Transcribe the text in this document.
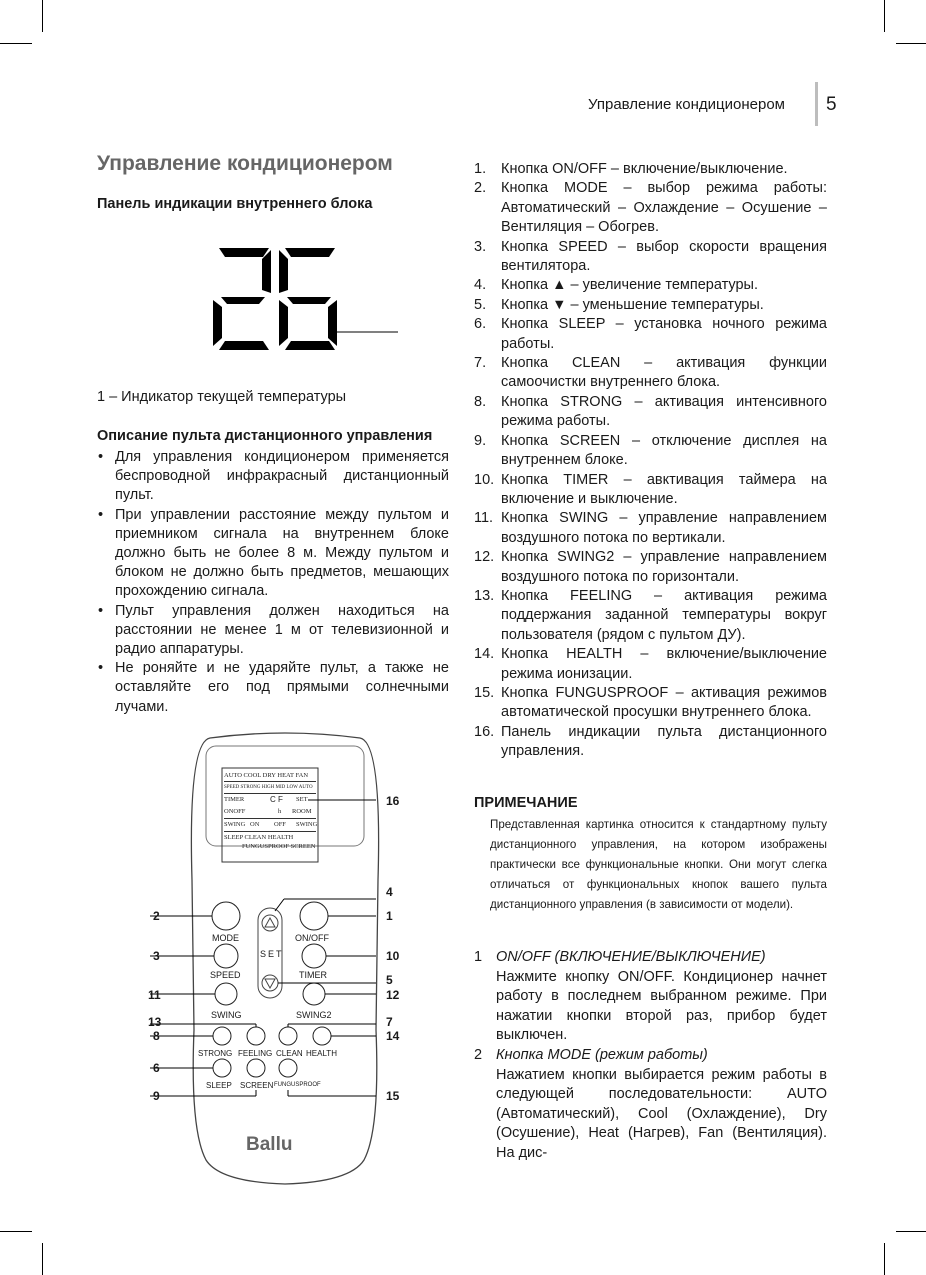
Управление кондиционером 5
Управление кондиционером
Панель индикации внутреннего блока
1 – Индикатор текущей температуры
Описание пульта дистанционного управления

• Для управления кондиционером применяется беспроводной инфракрасный дистанционный пульт.

• При управлении расстояние между пультом и приемником сигнала на внутреннем блоке должно быть не более 8 м. Между пультом и блоком не должно быть предметов, мешающих прохождению сигнала.

• Пульт управления должен находиться на расстоянии не менее 1 м от телевизионной и радио аппаратуры.

• Не роняйте и не ударяйте пульт, а также не оставляйте его под прямыми солнечными лучами.

AUTO COOL DRY HEAT FAN
SPEED STRONG HIGH MID LOW AUTO
TIMER	C F SET
ONOFF	h ROOM
SWING ON OFF SWING
SLEEP CLEAN HEALTH
FUNGUSPROOF SCREEN
MODE	ON/OFF
SET
SPEED	TIMER
SWING	SWING2
STRONG FEELING CLEAN HEALTH
SLEEP SCREEN FUNGUSPROOF
Ballu
16
4
2	1
3	10
5
11	12
13	7
8	14
6
9	15

1. Кнопка ON/OFF – включение/выключение.

2. Кнопка MODE – выбор режима работы: Автоматический – Охлаждение – Осушение – Вентиляция – Обогрев.

3. Кнопка SPEED – выбор скорости вращения вентилятора.

4. Кнопка ▲ – увеличение температуры.

5. Кнопка ▼ – уменьшение температуры.

6. Кнопка SLEEP – установка ночного режима работы.

7. Кнопка CLEAN – активация функции самоочистки внутреннего блока.

8. Кнопка STRONG – активация интенсивного режима работы.

9. Кнопка SCREEN – отключение дисплея на внутреннем блоке.

10. Кнопка TIMER – авктивация таймера на включение и выключение.

11. Кнопка SWING – управление направлением воздушного потока по вертикали.

12. Кнопка SWING2 – управление направлением воздушного потока по горизонтали.

13. Кнопка FEELING – активация режима поддержания заданной температуры вокруг пользователя (рядом с пультом ДУ).

14. Кнопка HEALTH – включение/выключение режима ионизации.

15. Кнопка FUNGUSPROOF – активация режимов автоматической просушки внутреннего блока.

16. Панель индикации пульта дистанционного управления.

ПРИМЕЧАНИЕ
Представленная картинка относится к стандартному пульту дистанционного управления, на котором изображены практически все функциональные кнопки. Они могут слегка отличаться от функциональных кнопок вашего пульта дистанционного управления (в зависимости от модели).
1 ON/OFF (ВКЛЮЧЕНИЕ/ВЫКЛЮЧЕНИЕ)
Нажмите кнопку ON/OFF. Кондиционер начнет работу в последнем выбранном режиме. При нажатии кнопки второй раз, прибор будет выключен.
2 Кнопка MODE (режим работы)
Нажатием кнопки выбирается режим работы в следующей последовательности: AUTO (Автоматический), Cool (Охлаждение), Dry (Осушение), Heat (Нагрев), Fan (Вентиляция). На дис-
